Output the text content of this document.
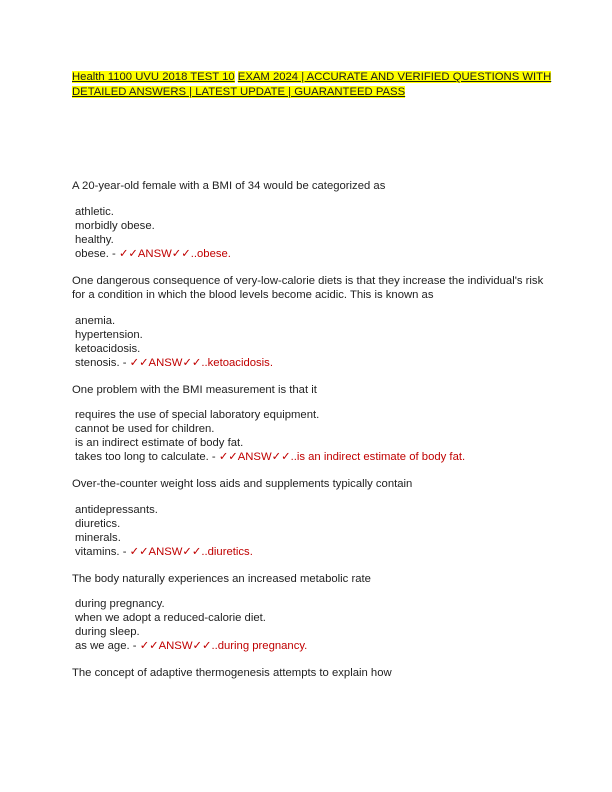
Health 1100 UVU 2018 TEST 10 EXAM 2024 | ACCURATE AND VERIFIED QUESTIONS WITH DETAILED ANSWERS | LATEST UPDATE | GUARANTEED PASS
A 20-year-old female with a BMI of 34 would be categorized as
athletic.
morbidly obese.
healthy.
obese. - ✓✓ANSW✓✓..obese.
One dangerous consequence of very-low-calorie diets is that they increase the individual's risk for a condition in which the blood levels become acidic. This is known as
anemia.
hypertension.
ketoacidosis.
stenosis. - ✓✓ANSW✓✓..ketoacidosis.
One problem with the BMI measurement is that it
requires the use of special laboratory equipment.
cannot be used for children.
is an indirect estimate of body fat.
takes too long to calculate. - ✓✓ANSW✓✓..is an indirect estimate of body fat.
Over-the-counter weight loss aids and supplements typically contain
antidepressants.
diuretics.
minerals.
vitamins. - ✓✓ANSW✓✓..diuretics.
The body naturally experiences an increased metabolic rate
during pregnancy.
when we adopt a reduced-calorie diet.
during sleep.
as we age. - ✓✓ANSW✓✓..during pregnancy.
The concept of adaptive thermogenesis attempts to explain how
